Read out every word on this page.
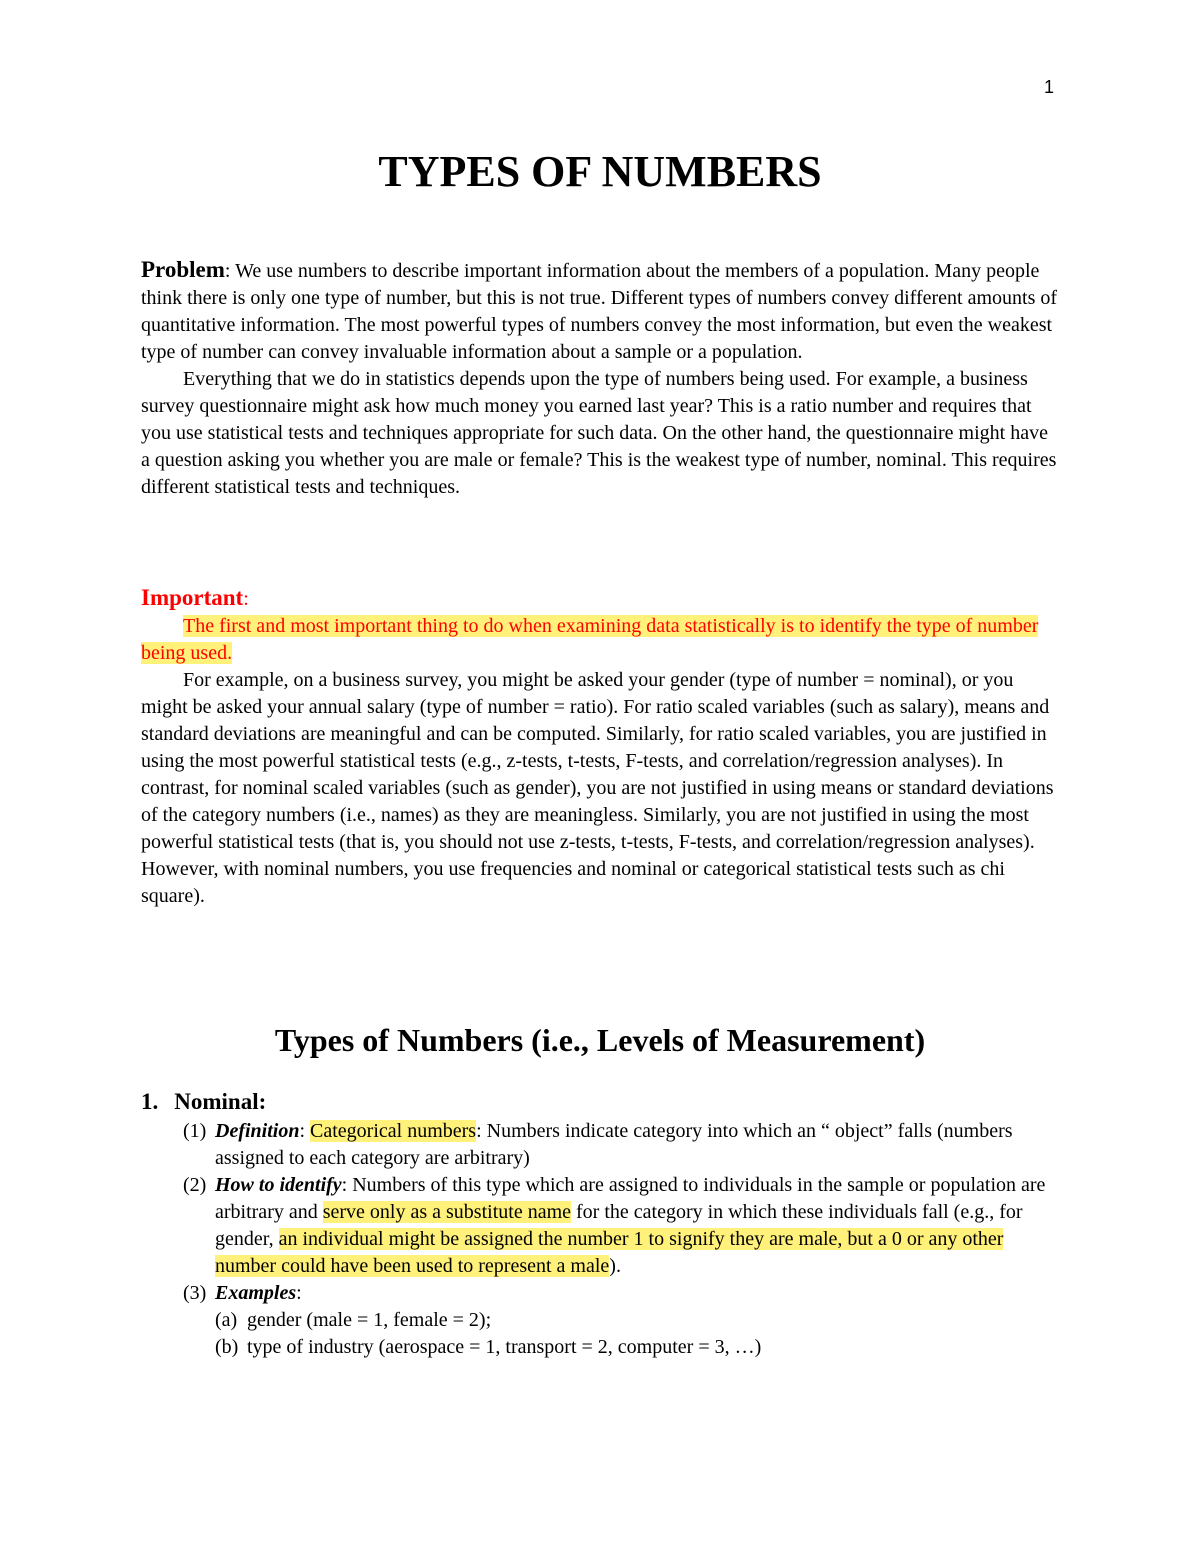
1
TYPES OF NUMBERS
Problem: We use numbers to describe important information about the members of a population. Many people think there is only one type of number, but this is not true. Different types of numbers convey different amounts of quantitative information. The most powerful types of numbers convey the most information, but even the weakest type of number can convey invaluable information about a sample or a population.
Everything that we do in statistics depends upon the type of numbers being used. For example, a business survey questionnaire might ask how much money you earned last year? This is a ratio number and requires that you use statistical tests and techniques appropriate for such data. On the other hand, the questionnaire might have a question asking you whether you are male or female? This is the weakest type of number, nominal. This requires different statistical tests and techniques.
Important:
The first and most important thing to do when examining data statistically is to identify the type of number being used.
For example, on a business survey, you might be asked your gender (type of number = nominal), or you might be asked your annual salary (type of number = ratio). For ratio scaled variables (such as salary), means and standard deviations are meaningful and can be computed. Similarly, for ratio scaled variables, you are justified in using the most powerful statistical tests (e.g., z-tests, t-tests, F-tests, and correlation/regression analyses). In contrast, for nominal scaled variables (such as gender), you are not justified in using means or standard deviations of the category numbers (i.e., names) as they are meaningless. Similarly, you are not justified in using the most powerful statistical tests (that is, you should not use z-tests, t-tests, F-tests, and correlation/regression analyses). However, with nominal numbers, you use frequencies and nominal or categorical statistical tests such as chi square).
Types of Numbers (i.e., Levels of Measurement)
1. Nominal:
(1) Definition: Categorical numbers: Numbers indicate category into which an “ object” falls (numbers assigned to each category are arbitrary)
(2) How to identify: Numbers of this type which are assigned to individuals in the sample or population are arbitrary and serve only as a substitute name for the category in which these individuals fall (e.g., for gender, an individual might be assigned the number 1 to signify they are male, but a 0 or any other number could have been used to represent a male).
(3) Examples:
(a) gender (male = 1, female = 2);
(b) type of industry (aerospace = 1, transport = 2, computer = 3, …)
